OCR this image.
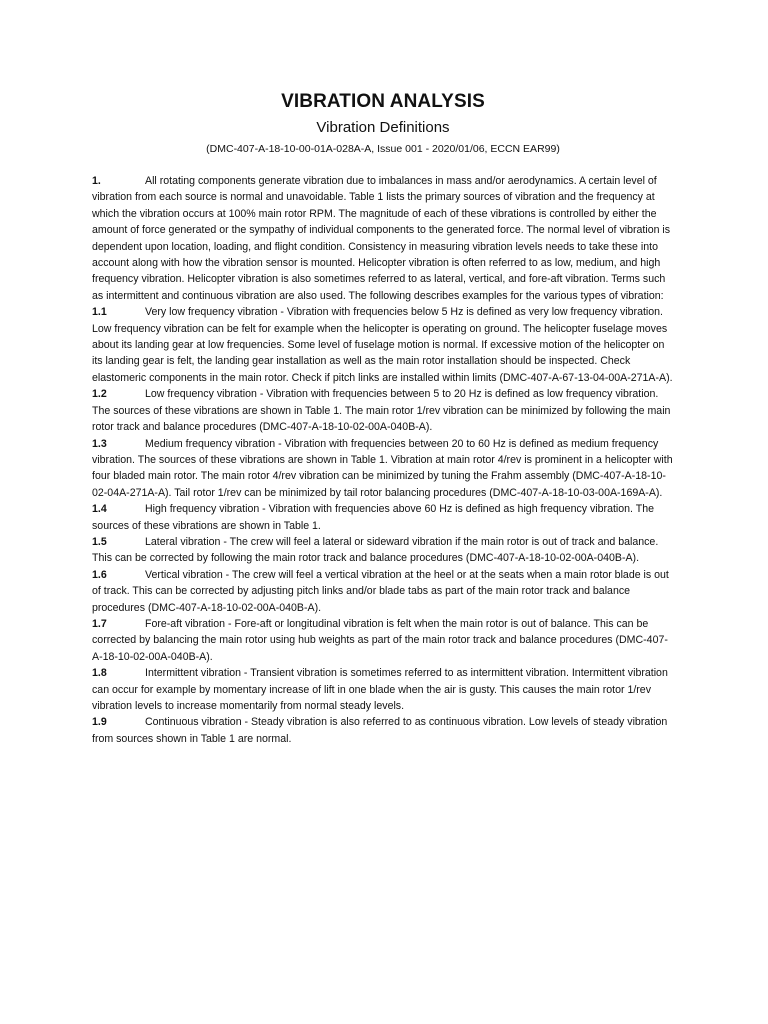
VIBRATION ANALYSIS

Vibration Definitions

(DMC-407-A-18-10-00-01A-028A-A, Issue 001 - 2020/01/06, ECCN EAR99)

1.	All rotating components generate vibration due to imbalances in mass and/or aerodynamics. A certain level of vibration from each source is normal and unavoidable. Table 1 lists the primary sources of vibration and the frequency at which the vibration occurs at 100% main rotor RPM. The magnitude of each of these vibrations is controlled by either the amount of force generated or the sympathy of individual components to the generated force. The normal level of vibration is dependent upon location, loading, and flight condition. Consistency in measuring vibration levels needs to take these into account along with how the vibration sensor is mounted. Helicopter vibration is often referred to as low, medium, and high frequency vibration. Helicopter vibration is also sometimes referred to as lateral, vertical, and fore-aft vibration. Terms such as intermittent and continuous vibration are also used. The following describes examples for the various types of vibration:

1.1	Very low frequency vibration - Vibration with frequencies below 5 Hz is defined as very low frequency vibration. Low frequency vibration can be felt for example when the helicopter is operating on ground. The helicopter fuselage moves about its landing gear at low frequencies. Some level of fuselage motion is normal. If excessive motion of the helicopter on its landing gear is felt, the landing gear installation as well as the main rotor installation should be inspected. Check elastomeric components in the main rotor. Check if pitch links are installed within limits (DMC-407-A-67-13-04-00A-271A-A).

1.2	Low frequency vibration - Vibration with frequencies between 5 to 20 Hz is defined as low frequency vibration. The sources of these vibrations are shown in Table 1. The main rotor 1/rev vibration can be minimized by following the main rotor track and balance procedures (DMC-407-A-18-10-02-00A-040B-A).

1.3	Medium frequency vibration - Vibration with frequencies between 20 to 60 Hz is defined as medium frequency vibration. The sources of these vibrations are shown in Table 1. Vibration at main rotor 4/rev is prominent in a helicopter with four bladed main rotor. The main rotor 4/rev vibration can be minimized by tuning the Frahm assembly (DMC-407-A-18-10-02-04A-271A-A). Tail rotor 1/rev can be minimized by tail rotor balancing procedures (DMC-407-A-18-10-03-00A-169A-A).

1.4	High frequency vibration - Vibration with frequencies above 60 Hz is defined as high frequency vibration. The sources of these vibrations are shown in Table 1.

1.5	Lateral vibration - The crew will feel a lateral or sideward vibration if the main rotor is out of track and balance. This can be corrected by following the main rotor track and balance procedures (DMC-407-A-18-10-02-00A-040B-A).

1.6	Vertical vibration - The crew will feel a vertical vibration at the heel or at the seats when a main rotor blade is out of track. This can be corrected by adjusting pitch links and/or blade tabs as part of the main rotor track and balance procedures (DMC-407-A-18-10-02-00A-040B-A).

1.7	Fore-aft vibration - Fore-aft or longitudinal vibration is felt when the main rotor is out of balance. This can be corrected by balancing the main rotor using hub weights as part of the main rotor track and balance procedures (DMC-407-A-18-10-02-00A-040B-A).

1.8	Intermittent vibration - Transient vibration is sometimes referred to as intermittent vibration. Intermittent vibration can occur for example by momentary increase of lift in one blade when the air is gusty. This causes the main rotor 1/rev vibration levels to increase momentarily from normal steady levels.

1.9	Continuous vibration - Steady vibration is also referred to as continuous vibration. Low levels of steady vibration from sources shown in Table 1 are normal.
